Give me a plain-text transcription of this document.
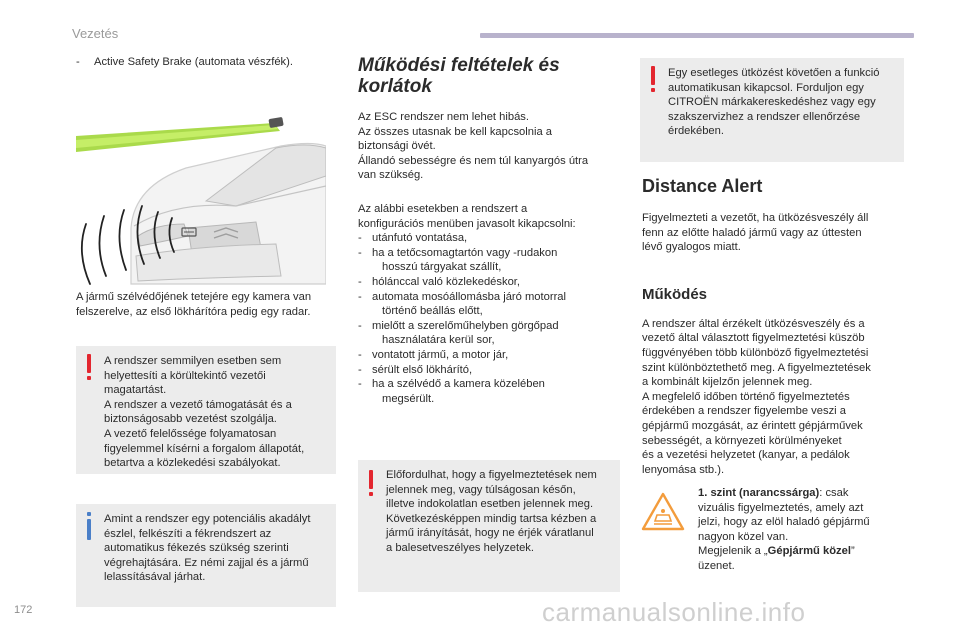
Vezetés
-	Active Safety Brake (automata vészfék).
A jármű szélvédőjének tetejére egy kamera van
felszerelve, az első lökhárítóra pedig egy radar.
A rendszer semmilyen esetben sem
helyettesíti a körültekintő vezetői
magatartást.
A rendszer a vezető támogatását és a
biztonságosabb vezetést szolgálja.
A vezető felelőssége folyamatosan
figyelemmel kísérni a forgalom állapotát,
betartva a közlekedési szabályokat.
Amint a rendszer egy potenciális akadályt
észlel, felkészíti a fékrendszert az
automatikus fékezés szükség szerinti
végrehajtására. Ez némi zajjal és a jármű
lelassításával járhat.
Működési feltételek és
korlátok
Az ESC rendszer nem lehet hibás.
Az összes utasnak be kell kapcsolnia a
biztonsági övét.
Állandó sebességre és nem túl kanyargós útra
van szükség.
Az alábbi esetekben a rendszert a
konfigurációs menüben javasolt kikapcsolni:
- utánfutó vontatása,
- ha a tetőcsomagtartón vagy -rudakon
hosszú tárgyakat szállít,
- hólánccal való közlekedéskor,
- automata mosóállomásba járó motorral
történő beállás előtt,
- mielőtt a szerelőműhelyben görgőpad
használatára kerül sor,
- vontatott jármű, a motor jár,
- sérült első lökhárító,
- ha a szélvédő a kamera közelében
megsérült.
Előfordulhat, hogy a figyelmeztetések nem
jelennek meg, vagy túlságosan későn,
illetve indokolatlan esetben jelennek meg.
Következésképpen mindig tartsa kézben a
jármű irányítását, hogy ne érjék váratlanul
a balesetveszélyes helyzetek.
Egy esetleges ütközést követően a funkció
automatikusan kikapcsol. Forduljon egy
CITROËN márkakereskedéshez vagy egy
szakszervizhez a rendszer ellenőrzése
érdekében.
Distance Alert
Figyelmezteti a vezetőt, ha ütközésveszély áll
fenn az előtte haladó jármű vagy az úttesten
lévő gyalogos miatt.
Működés
A rendszer által érzékelt ütközésveszély és a
vezető által választott figyelmeztetési küszöb
függvényében több különböző figyelmeztetési
szint különböztethető meg. A figyelmeztetések
a kombinált kijelzőn jelennek meg.
A megfelelő időben történő figyelmeztetés
érdekében a rendszer figyelembe veszi a
gépjármű mozgását, az érintett gépjárművek
sebességét, a környezeti körülményeket
és a vezetési helyzetet (kanyar, a pedálok
lenyomása stb.).
1. szint (narancssárga): csak
vizuális figyelmeztetés, amely azt
jelzi, hogy az elöl haladó gépjármű
nagyon közel van.
Megjelenik a „Gépjármű közel”
üzenet.
172	carmanualsonline.info
